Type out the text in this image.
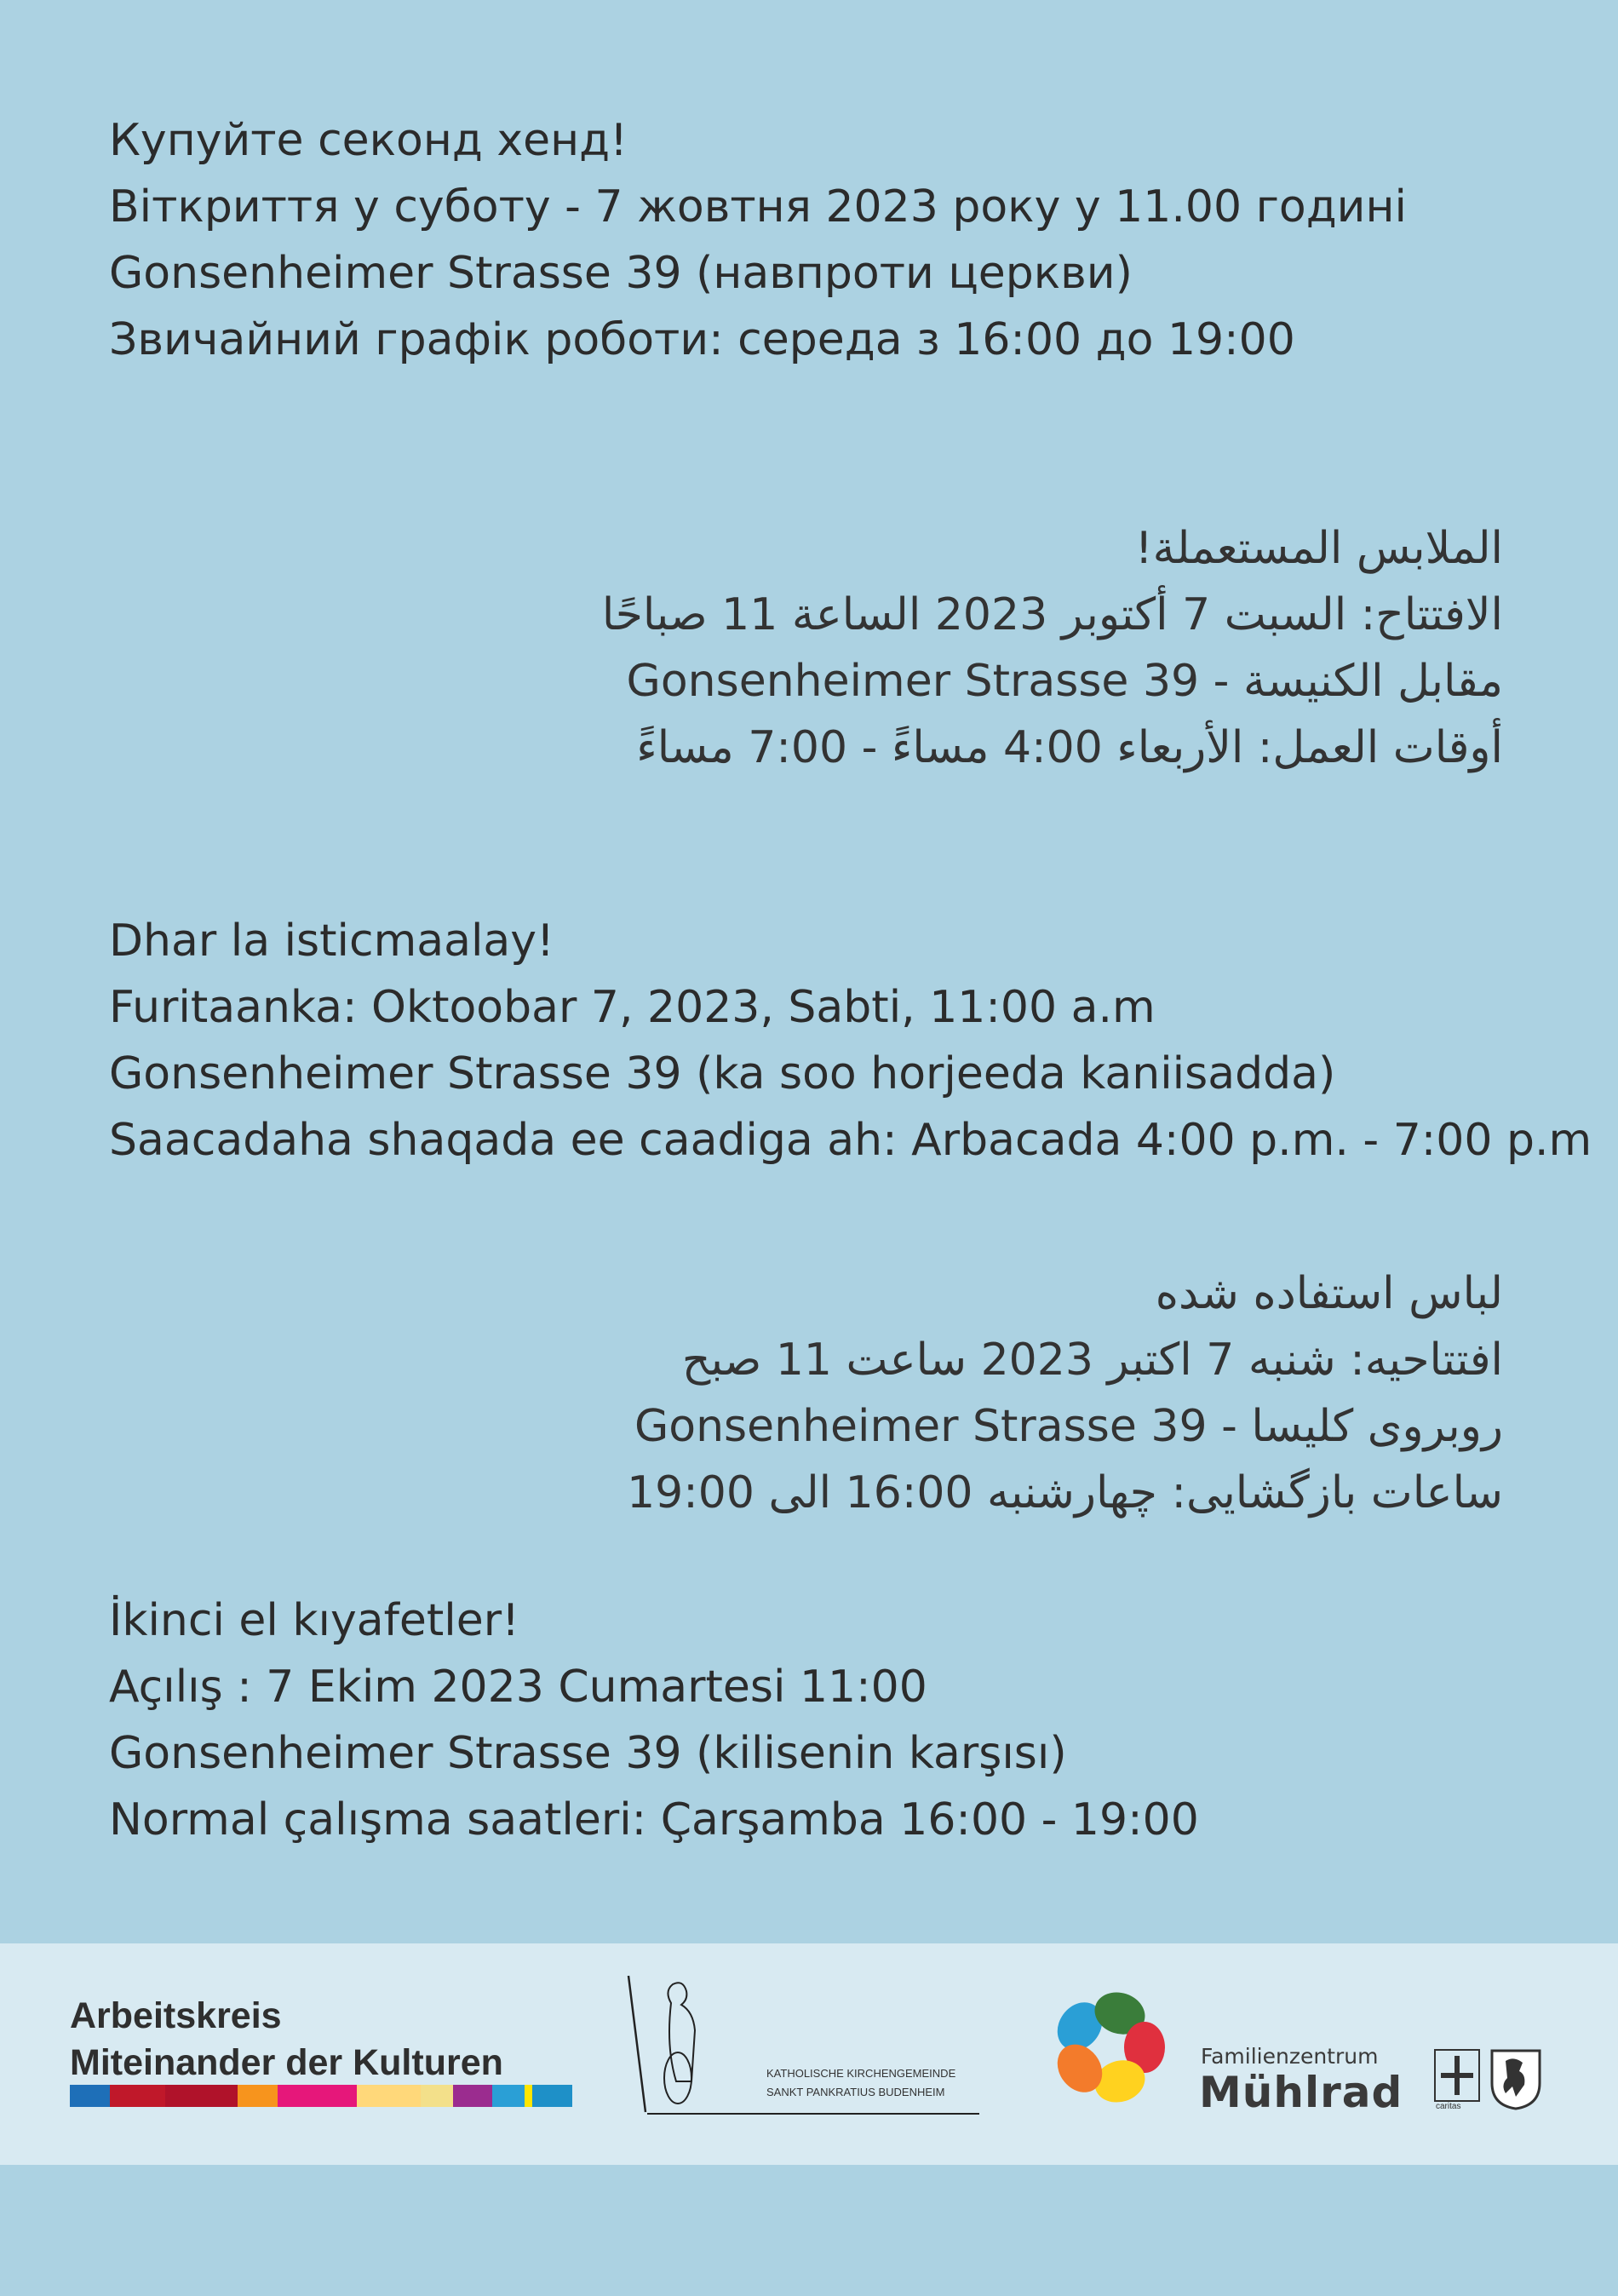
Купуйте секонд хенд!
Віткриття у суботу - 7 жовтня 2023 року у 11.00 годині
Gonsenheimer Strasse 39 (навпроти церкви)
Звичайний графік роботи: середа з 16:00 до 19:00
الملابس المستعملة!
الافتتاح: السبت 7 أكتوبر 2023 الساعة 11 صباحًا
مقابل الكنيسة - Gonsenheimer Strasse 39
أوقات العمل: الأربعاء 4:00 مساءً - 7:00 مساءً
Dhar la isticmaalay!
Furitaanka: Oktoobar 7, 2023, Sabti, 11:00 a.m
Gonsenheimer Strasse 39 (ka soo horjeeda kaniisadda)
Saacadaha shaqada ee caadiga ah: Arbacada 4:00 p.m. - 7:00 p.m
لباس استفاده شده
افتتاحیه: شنبه 7 اکتبر 2023 ساعت 11 صبح
روبروی کلیسا - Gonsenheimer Strasse 39
ساعات بازگشایی: چهارشنبه 16:00 الی 19:00
İkinci el kıyafetler!
Açılış : 7 Ekim 2023 Cumartesi 11:00
Gonsenheimer Strasse 39 (kilisenin karşısı)
Normal çalışma saatleri: Çarşamba 16:00 - 19:00
Arbeitskreis
Miteinander der Kulturen	KATHOLISCHE KIRCHENGEMEINDE
SANKT PANKRATIUS BUDENHEIM
Familienzentrum
Mühlrad	caritas
